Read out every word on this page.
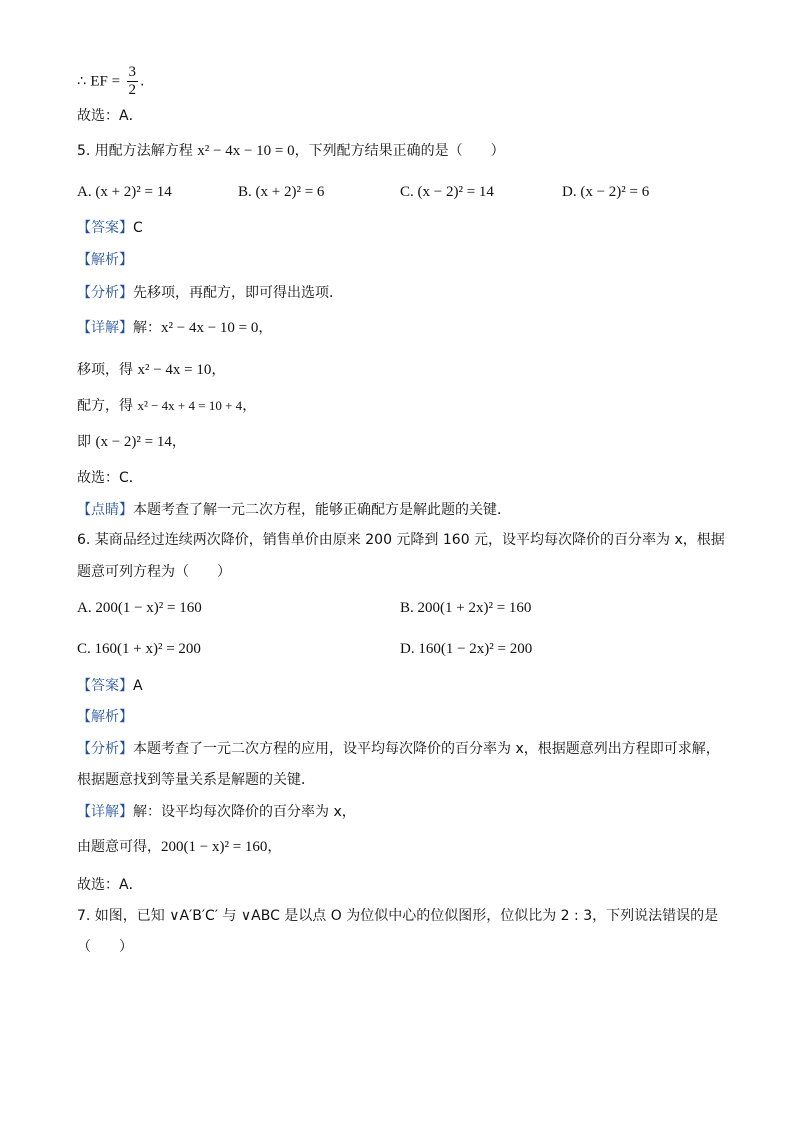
∴ EF = $\frac{3}{2}$ .
故选：A．
5. 用配方法解方程 x² − 4x − 10 = 0，下列配方结果正确的是（　　）
A. (x + 2)² = 14	B. (x + 2)² = 6	C. (x − 2)² = 14	D. (x − 2)² = 6
【答案】C
【解析】
【分析】先移项，再配方，即可得出选项．
【详解】解：x² − 4x − 10 = 0，
移项，得 x² − 4x = 10，
配方，得 x² − 4x + 4 = 10 + 4，
即 (x − 2)² = 14，
故选：C．
【点睛】本题考查了解一元二次方程，能够正确配方是解此题的关键．
6. 某商品经过连续两次降价，销售单价由原来 200 元降到 160 元，设平均每次降价的百分率为 x，根据
题意可列方程为（　　）
A. 200(1 − x)² = 160	B. 200(1 + 2x)² = 160
C. 160(1 + x)² = 200	D. 160(1 − 2x)² = 200
【答案】A
【解析】
【分析】本题考查了一元二次方程的应用，设平均每次降价的百分率为 x，根据题意列出方程即可求解，
根据题意找到等量关系是解题的关键．
【详解】解：设平均每次降价的百分率为 x，
由题意可得，200(1 − x)² = 160，
故选：A．
7. 如图，已知 ∨A′B′C′ 与 ∨ABC 是以点 O 为位似中心的位似图形，位似比为 2 : 3，下列说法错误的是
（　　）
